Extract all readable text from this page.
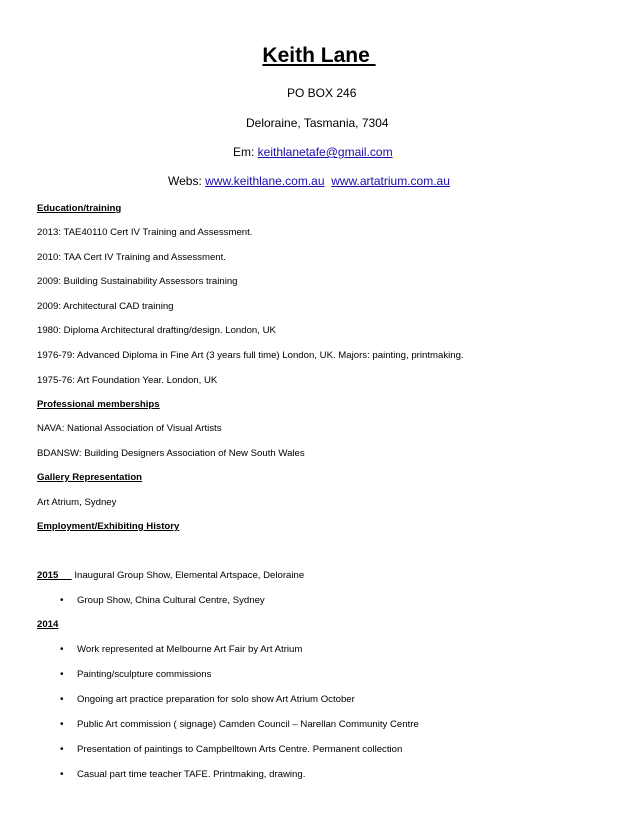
Keith Lane
PO BOX 246
Deloraine, Tasmania, 7304
Em: keithlanetafe@gmail.com
Webs: www.keithlane.com.au www.artatrium.com.au
Education/training
2013: TAE40110 Cert IV Training and Assessment.
2010: TAA Cert IV Training and Assessment.
2009: Building Sustainability Assessors training
2009: Architectural CAD training
1980: Diploma Architectural drafting/design. London, UK
1976-79: Advanced Diploma in Fine Art (3 years full time) London, UK. Majors: painting, printmaking.
1975-76: Art Foundation Year. London, UK
Professional memberships
NAVA: National Association of Visual Artists
BDANSW: Building Designers Association of New South Wales
Gallery Representation
Art Atrium, Sydney
Employment/Exhibiting History
2015      Inaugural Group Show, Elemental Artspace, Deloraine
• Group Show, China Cultural Centre, Sydney
2014
• Work represented at Melbourne Art Fair by Art Atrium
• Painting/sculpture commissions
• Ongoing art practice preparation for solo show Art Atrium October
• Public Art commission ( signage) Camden Council – Narellan Community Centre
• Presentation of paintings to Campbelltown Arts Centre. Permanent collection
• Casual part time teacher TAFE. Printmaking, drawing.
